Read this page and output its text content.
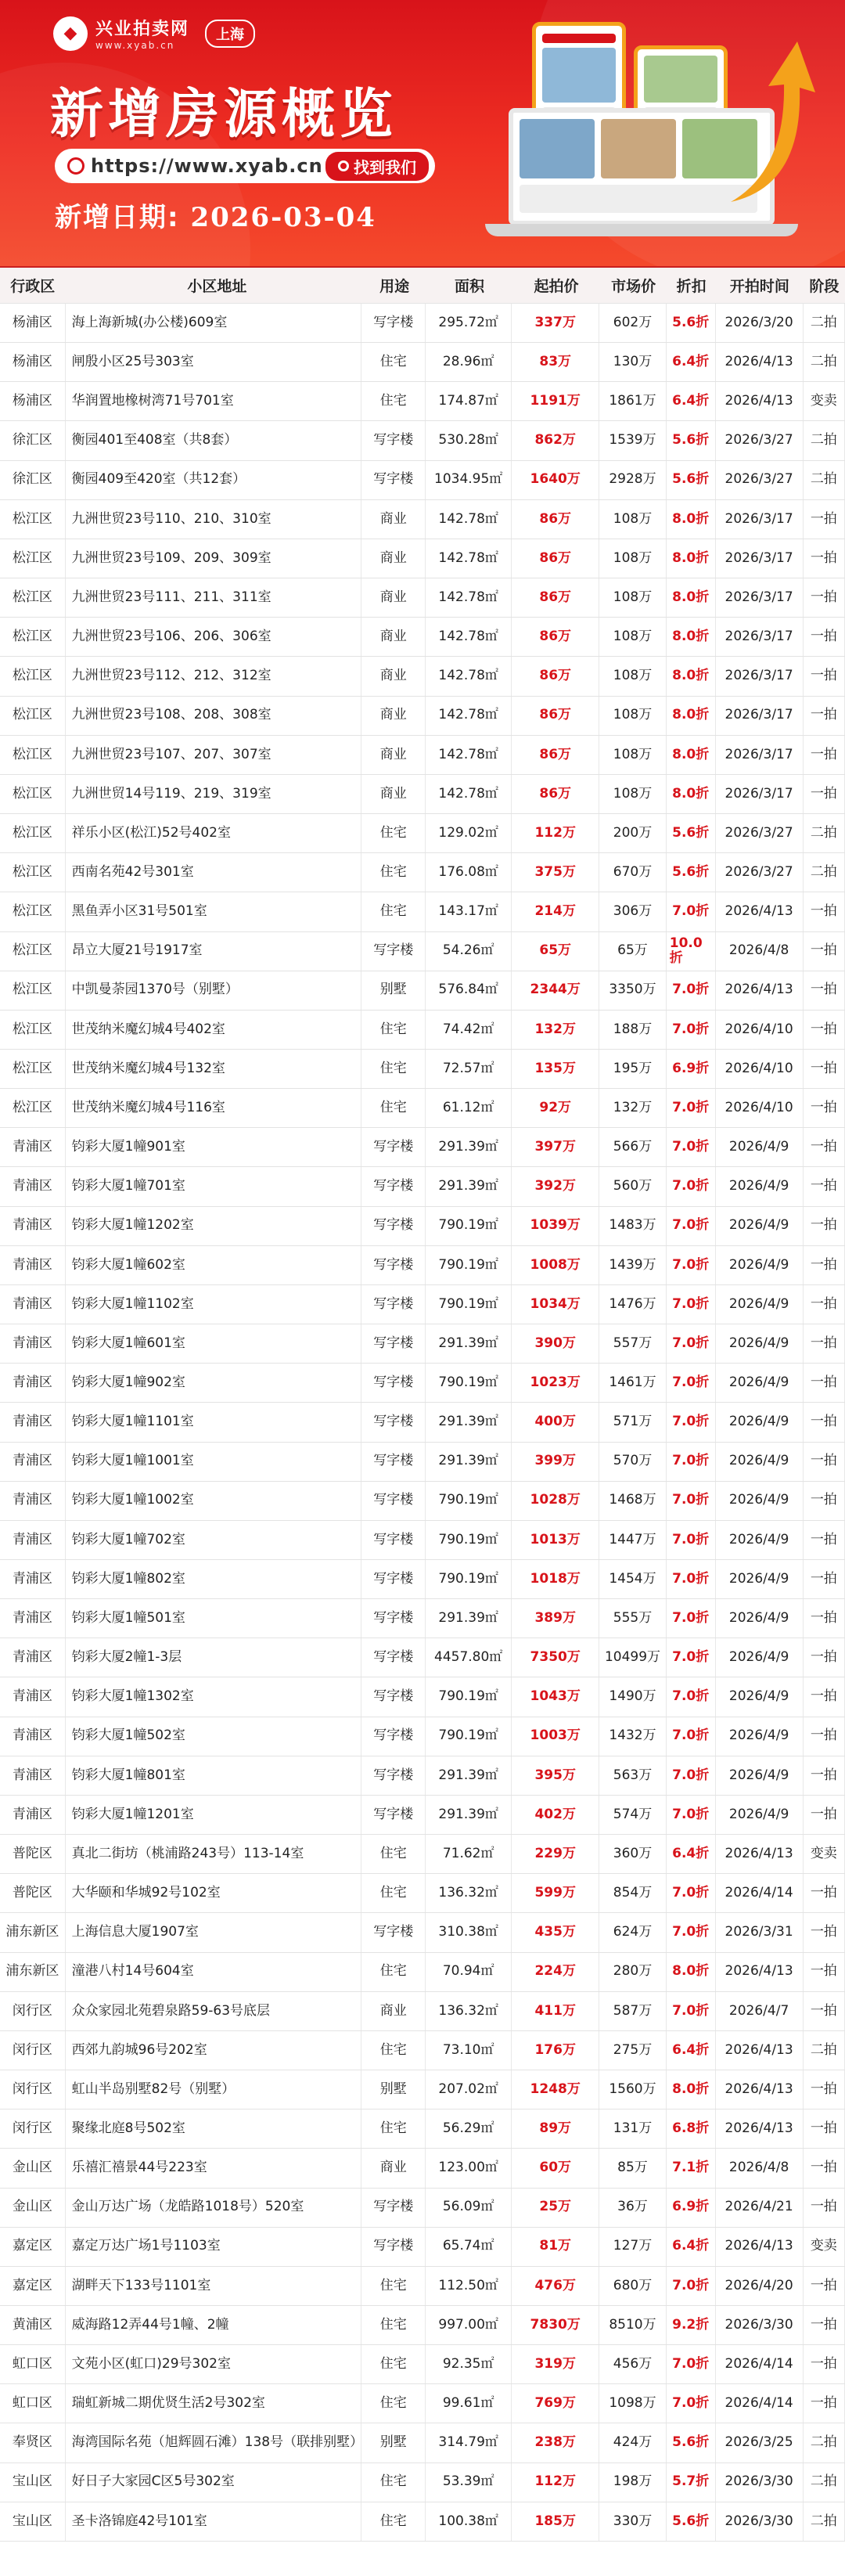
◆ 兴业拍卖网
www.xyab.cn
上海
新增房源概览
https://www.xyab.cn 找到我们
新增日期: 2026-03-04
行政区	小区地址	用途	面积	起拍价	市场价	折扣	开拍时间	阶段
杨浦区	海上海新城(办公楼)609室	写字楼	295.72㎡	337万	602万	5.6折	2026/3/20	二拍
杨浦区	闸殷小区25号303室	住宅	28.96㎡	83万	130万	6.4折	2026/4/13	二拍
杨浦区	华润置地橡树湾71号701室	住宅	174.87㎡	1191万	1861万	6.4折	2026/4/13	变卖
徐汇区	衡园401至408室（共8套）	写字楼	530.28㎡	862万	1539万	5.6折	2026/3/27	二拍
徐汇区	衡园409至420室（共12套）	写字楼	1034.95㎡	1640万	2928万	5.6折	2026/3/27	二拍
松江区	九洲世贸23号110、210、310室	商业	142.78㎡	86万	108万	8.0折	2026/3/17	一拍
松江区	九洲世贸23号109、209、309室	商业	142.78㎡	86万	108万	8.0折	2026/3/17	一拍
松江区	九洲世贸23号111、211、311室	商业	142.78㎡	86万	108万	8.0折	2026/3/17	一拍
松江区	九洲世贸23号106、206、306室	商业	142.78㎡	86万	108万	8.0折	2026/3/17	一拍
松江区	九洲世贸23号112、212、312室	商业	142.78㎡	86万	108万	8.0折	2026/3/17	一拍
松江区	九洲世贸23号108、208、308室	商业	142.78㎡	86万	108万	8.0折	2026/3/17	一拍
松江区	九洲世贸23号107、207、307室	商业	142.78㎡	86万	108万	8.0折	2026/3/17	一拍
松江区	九洲世贸14号119、219、319室	商业	142.78㎡	86万	108万	8.0折	2026/3/17	一拍
松江区	祥乐小区(松江)52号402室	住宅	129.02㎡	112万	200万	5.6折	2026/3/27	二拍
松江区	西南名苑42号301室	住宅	176.08㎡	375万	670万	5.6折	2026/3/27	二拍
松江区	黑鱼弄小区31号501室	住宅	143.17㎡	214万	306万	7.0折	2026/4/13	一拍
松江区	昂立大厦21号1917室	写字楼	54.26㎡	65万	65万	10.0折	2026/4/8	一拍
松江区	中凯曼荼园1370号（别墅）	别墅	576.84㎡	2344万	3350万	7.0折	2026/4/13	一拍
松江区	世茂纳米魔幻城4号402室	住宅	74.42㎡	132万	188万	7.0折	2026/4/10	一拍
松江区	世茂纳米魔幻城4号132室	住宅	72.57㎡	135万	195万	6.9折	2026/4/10	一拍
松江区	世茂纳米魔幻城4号116室	住宅	61.12㎡	92万	132万	7.0折	2026/4/10	一拍
青浦区	钧彩大厦1幢901室	写字楼	291.39㎡	397万	566万	7.0折	2026/4/9	一拍
青浦区	钧彩大厦1幢701室	写字楼	291.39㎡	392万	560万	7.0折	2026/4/9	一拍
青浦区	钧彩大厦1幢1202室	写字楼	790.19㎡	1039万	1483万	7.0折	2026/4/9	一拍
青浦区	钧彩大厦1幢602室	写字楼	790.19㎡	1008万	1439万	7.0折	2026/4/9	一拍
青浦区	钧彩大厦1幢1102室	写字楼	790.19㎡	1034万	1476万	7.0折	2026/4/9	一拍
青浦区	钧彩大厦1幢601室	写字楼	291.39㎡	390万	557万	7.0折	2026/4/9	一拍
青浦区	钧彩大厦1幢902室	写字楼	790.19㎡	1023万	1461万	7.0折	2026/4/9	一拍
青浦区	钧彩大厦1幢1101室	写字楼	291.39㎡	400万	571万	7.0折	2026/4/9	一拍
青浦区	钧彩大厦1幢1001室	写字楼	291.39㎡	399万	570万	7.0折	2026/4/9	一拍
青浦区	钧彩大厦1幢1002室	写字楼	790.19㎡	1028万	1468万	7.0折	2026/4/9	一拍
青浦区	钧彩大厦1幢702室	写字楼	790.19㎡	1013万	1447万	7.0折	2026/4/9	一拍
青浦区	钧彩大厦1幢802室	写字楼	790.19㎡	1018万	1454万	7.0折	2026/4/9	一拍
青浦区	钧彩大厦1幢501室	写字楼	291.39㎡	389万	555万	7.0折	2026/4/9	一拍
青浦区	钧彩大厦2幢1-3层	写字楼	4457.80㎡	7350万	10499万 7.0折	2026/4/9	一拍
青浦区	钧彩大厦1幢1302室	写字楼	790.19㎡	1043万	1490万	7.0折	2026/4/9	一拍
青浦区	钧彩大厦1幢502室	写字楼	790.19㎡	1003万	1432万	7.0折	2026/4/9	一拍
青浦区	钧彩大厦1幢801室	写字楼	291.39㎡	395万	563万	7.0折	2026/4/9	一拍
青浦区	钧彩大厦1幢1201室	写字楼	291.39㎡	402万	574万	7.0折	2026/4/9	一拍
普陀区	真北二街坊（桃浦路243号）113-14室	住宅	71.62㎡	229万	360万	6.4折	2026/4/13	变卖
普陀区	大华颐和华城92号102室	住宅	136.32㎡	599万	854万	7.0折	2026/4/14	一拍
浦东新区 上海信息大厦1907室	写字楼	310.38㎡	435万	624万	7.0折	2026/3/31	一拍
浦东新区 潼港八村14号604室	住宅	70.94㎡	224万	280万	8.0折	2026/4/13	一拍
闵行区	众众家园北苑碧泉路59-63号底层	商业	136.32㎡	411万	587万	7.0折	2026/4/7	一拍
闵行区	西郊九韵城96号202室	住宅	73.10㎡	176万	275万	6.4折	2026/4/13	二拍
闵行区	虹山半岛别墅82号（别墅）	别墅	207.02㎡	1248万	1560万	8.0折	2026/4/13	一拍
闵行区	聚缘北庭8号502室	住宅	56.29㎡	89万	131万	6.8折	2026/4/13	一拍
金山区	乐禧汇禧景44号223室	商业	123.00㎡	60万	85万	7.1折	2026/4/8	一拍
金山区	金山万达广场（龙皓路1018号）520室	写字楼	56.09㎡	25万	36万	6.9折	2026/4/21	一拍
嘉定区	嘉定万达广场1号1103室	写字楼	65.74㎡	81万	127万	6.4折	2026/4/13	变卖
嘉定区	湖畔天下133号1101室	住宅	112.50㎡	476万	680万	7.0折	2026/4/20	一拍
黄浦区	威海路12弄44号1幢、2幢	住宅	997.00㎡	7830万	8510万	9.2折	2026/3/30	一拍
虹口区	文苑小区(虹口)29号302室	住宅	92.35㎡	319万	456万	7.0折	2026/4/14	一拍
虹口区	瑞虹新城二期优贤生活2号302室	住宅	99.61㎡	769万	1098万	7.0折	2026/4/14	一拍
奉贤区	海湾国际名苑（旭辉圆石滩）138号（联排别墅）	别墅	314.79㎡	238万	424万	5.6折	2026/3/25	二拍
宝山区	好日子大家园C区5号302室	住宅	53.39㎡	112万	198万	5.7折	2026/3/30	二拍
宝山区	圣卡洛锦庭42号101室	住宅	100.38㎡	185万	330万	5.6折	2026/3/30	二拍
